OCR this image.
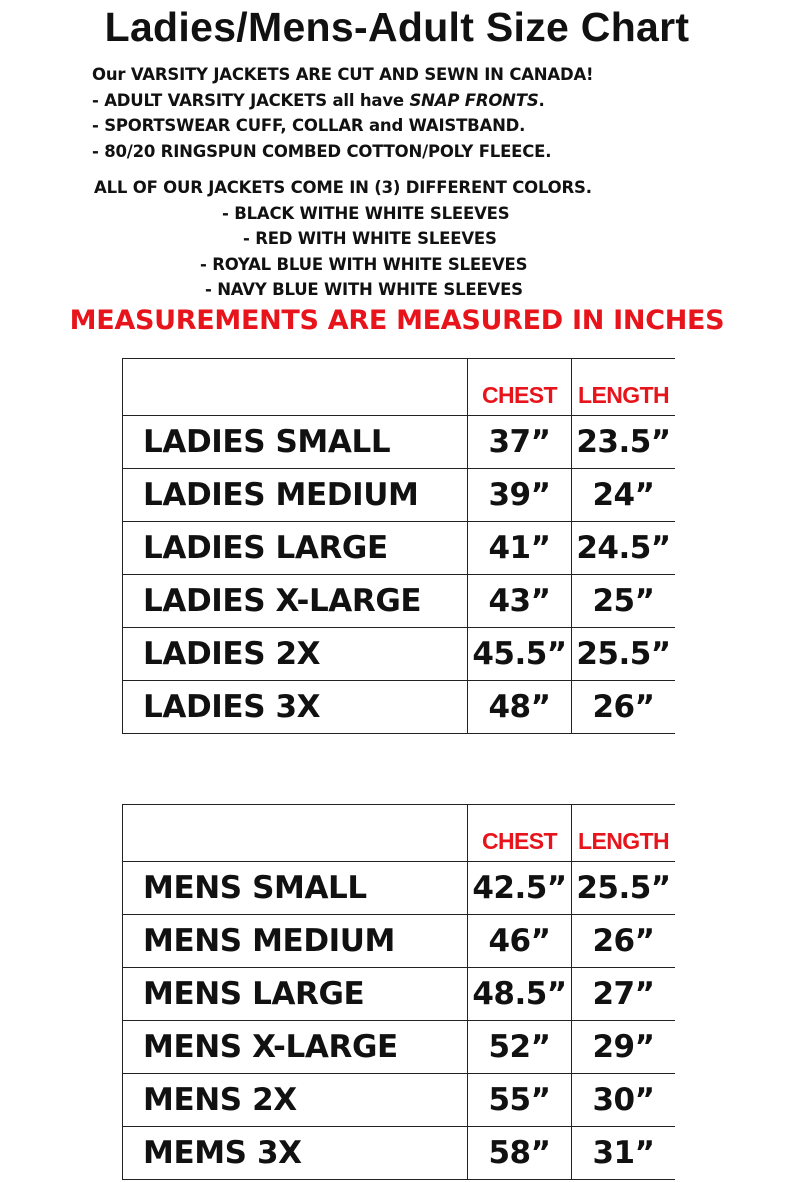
Ladies/Mens-Adult Size Chart
Our VARSITY JACKETS ARE CUT AND SEWN IN CANADA!
- ADULT VARSITY JACKETS all have SNAP FRONTS.
- SPORTSWEAR CUFF, COLLAR and WAISTBAND.
- 80/20 RINGSPUN COMBED COTTON/POLY FLEECE.
ALL OF OUR JACKETS COME IN (3) DIFFERENT COLORS.
- BLACK WITHE WHITE SLEEVES
- RED WITH WHITE SLEEVES
- ROYAL BLUE WITH WHITE SLEEVES
- NAVY BLUE WITH WHITE SLEEVES
MEASUREMENTS ARE MEASURED IN INCHES
	CHEST	LENGTH
LADIES SMALL	37”	23.5”
LADIES MEDIUM	39”	24”
LADIES LARGE	41”	24.5”
LADIES X-LARGE	43”	25”
LADIES 2X	45.5”	25.5”
LADIES 3X	48”	26”
	CHEST	LENGTH
MENS SMALL	42.5”	25.5”
MENS MEDIUM	46”	26”
MENS LARGE	48.5”	27”
MENS X-LARGE	52”	29”
MENS 2X	55”	30”
MEMS 3X	58”	31”
